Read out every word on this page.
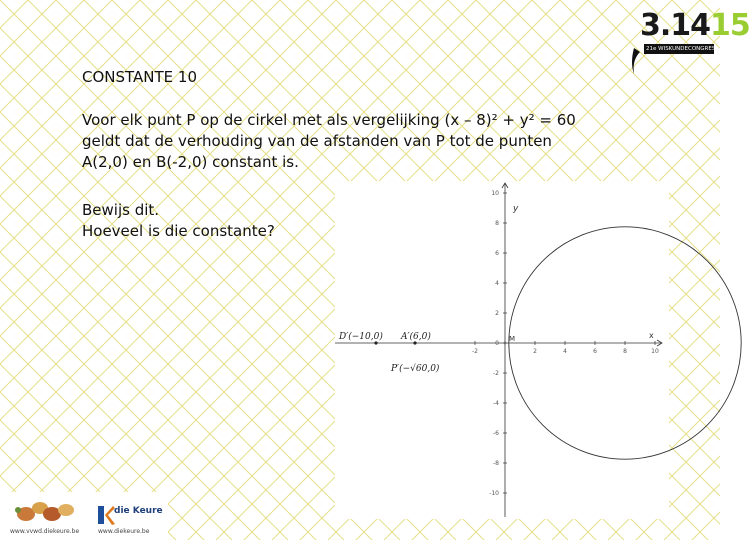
CONSTANTE 10
Voor elk punt P op de cirkel met als vergelijking (x – 8)² + y² = 60
geldt dat de verhouding van de afstanden van P tot de punten
A(2,0) en B(-2,0) constant is.
Bewijs dit.
Hoeveel is die constante?
-2	2	4	6	8	10
10
8
6
4
2
0
-2
-4
-6
-8
-10
D′(−10,0) A′(6,0)
P′(−√60,0)
x
y
M
3.1415
21e WISKUNDECONGRES
www.vvwd.diekeure.be
die Keure
www.diekeure.be
